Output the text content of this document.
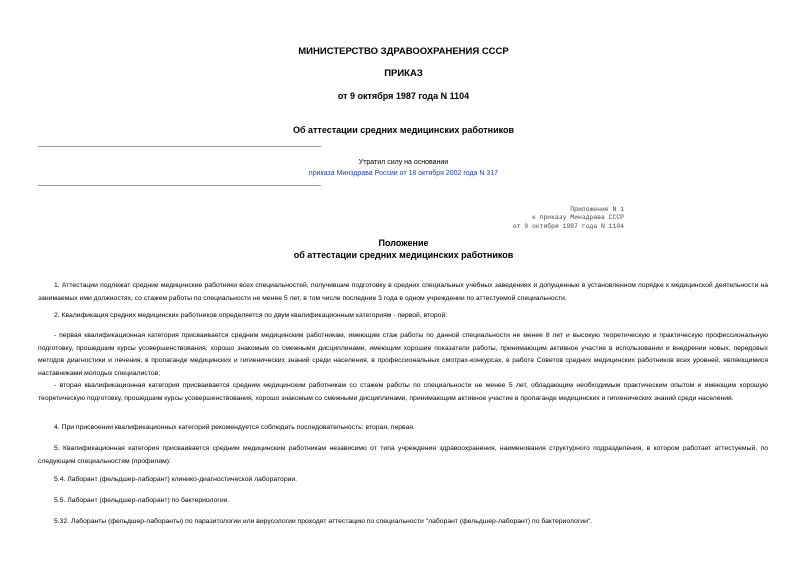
МИНИСТЕРСТВО ЗДРАВООХРАНЕНИЯ СССР
ПРИКАЗ
от 9 октября 1987 года N 1104
Об аттестации средних медицинских работников
Утратил силу на основании
приказа Минздрава России от 18 октября 2002 года N 317
Приложение N 1
к приказу Минздрава СССР
от 9 октября 1987 года N 1104
Положение
об аттестации средних медицинских работников
1. Аттестации подлежат средние медицинские работники всех специальностей, получившие подготовку в средних специальных учебных заведениях и допущенные в установленном порядке к медицинской деятельности на занимаемых ими должностях, со стажем работы по специальности не менее 5 лет, в том числе последние 3 года в одном учреждении по аттестуемой специальности.
2. Квалификация средних медицинских работников определяется по двум квалификационным категориям - первой, второй:
- первая квалификационная категория присваивается средним медицинским работникам, имеющим стаж работы по данной специальности не менее 8 лет и высокую теоретическую и практическую профессиональную подготовку, прошедшим курсы усовершенствования, хорошо знакомым со смежными дисциплинами, имеющим хорошие показатели работы, принимающим активное участие в использовании и внедрении новых, передовых методов диагностики и лечения, в пропаганде медицинских и гигиенических знаний среди населения, в профессиональных смотрах-конкурсах, в работе Советов средних медицинских работников всех уровней, являющимися наставниками молодых специалистов;
- вторая квалификационная категория присваивается средним медицинским работникам со стажем работы по специальности не менее 5 лет, обладающим необходимым практическим опытом и имеющим хорошую теоретическую подготовку, прошедшим курсы усовершенствования, хорошо знакомым со смежными дисциплинами, принимающим активное участие в пропаганде медицинских и гигиенических знаний среди населения.
4. При присвоении квалификационных категорий рекомендуется соблюдать последовательность: вторая, первая.
5. Квалификационная категория присваивается средним медицинским работникам независимо от типа учреждения здравоохранения, наименования структурного подразделения, в котором работает аттестуемый, по следующим специальностям (профилям):
5.4. Лаборант (фельдшер-лаборант) клинико-диагностической лаборатории.
5.5. Лаборант (фельдшер-лаборант) по бактериологии.
5.32. Лаборанты (фельдшер-лаборанты) по паразитологии или вирусологии проходят аттестацию по специальности "лаборант (фельдшер-лаборант) по бактериологии".
